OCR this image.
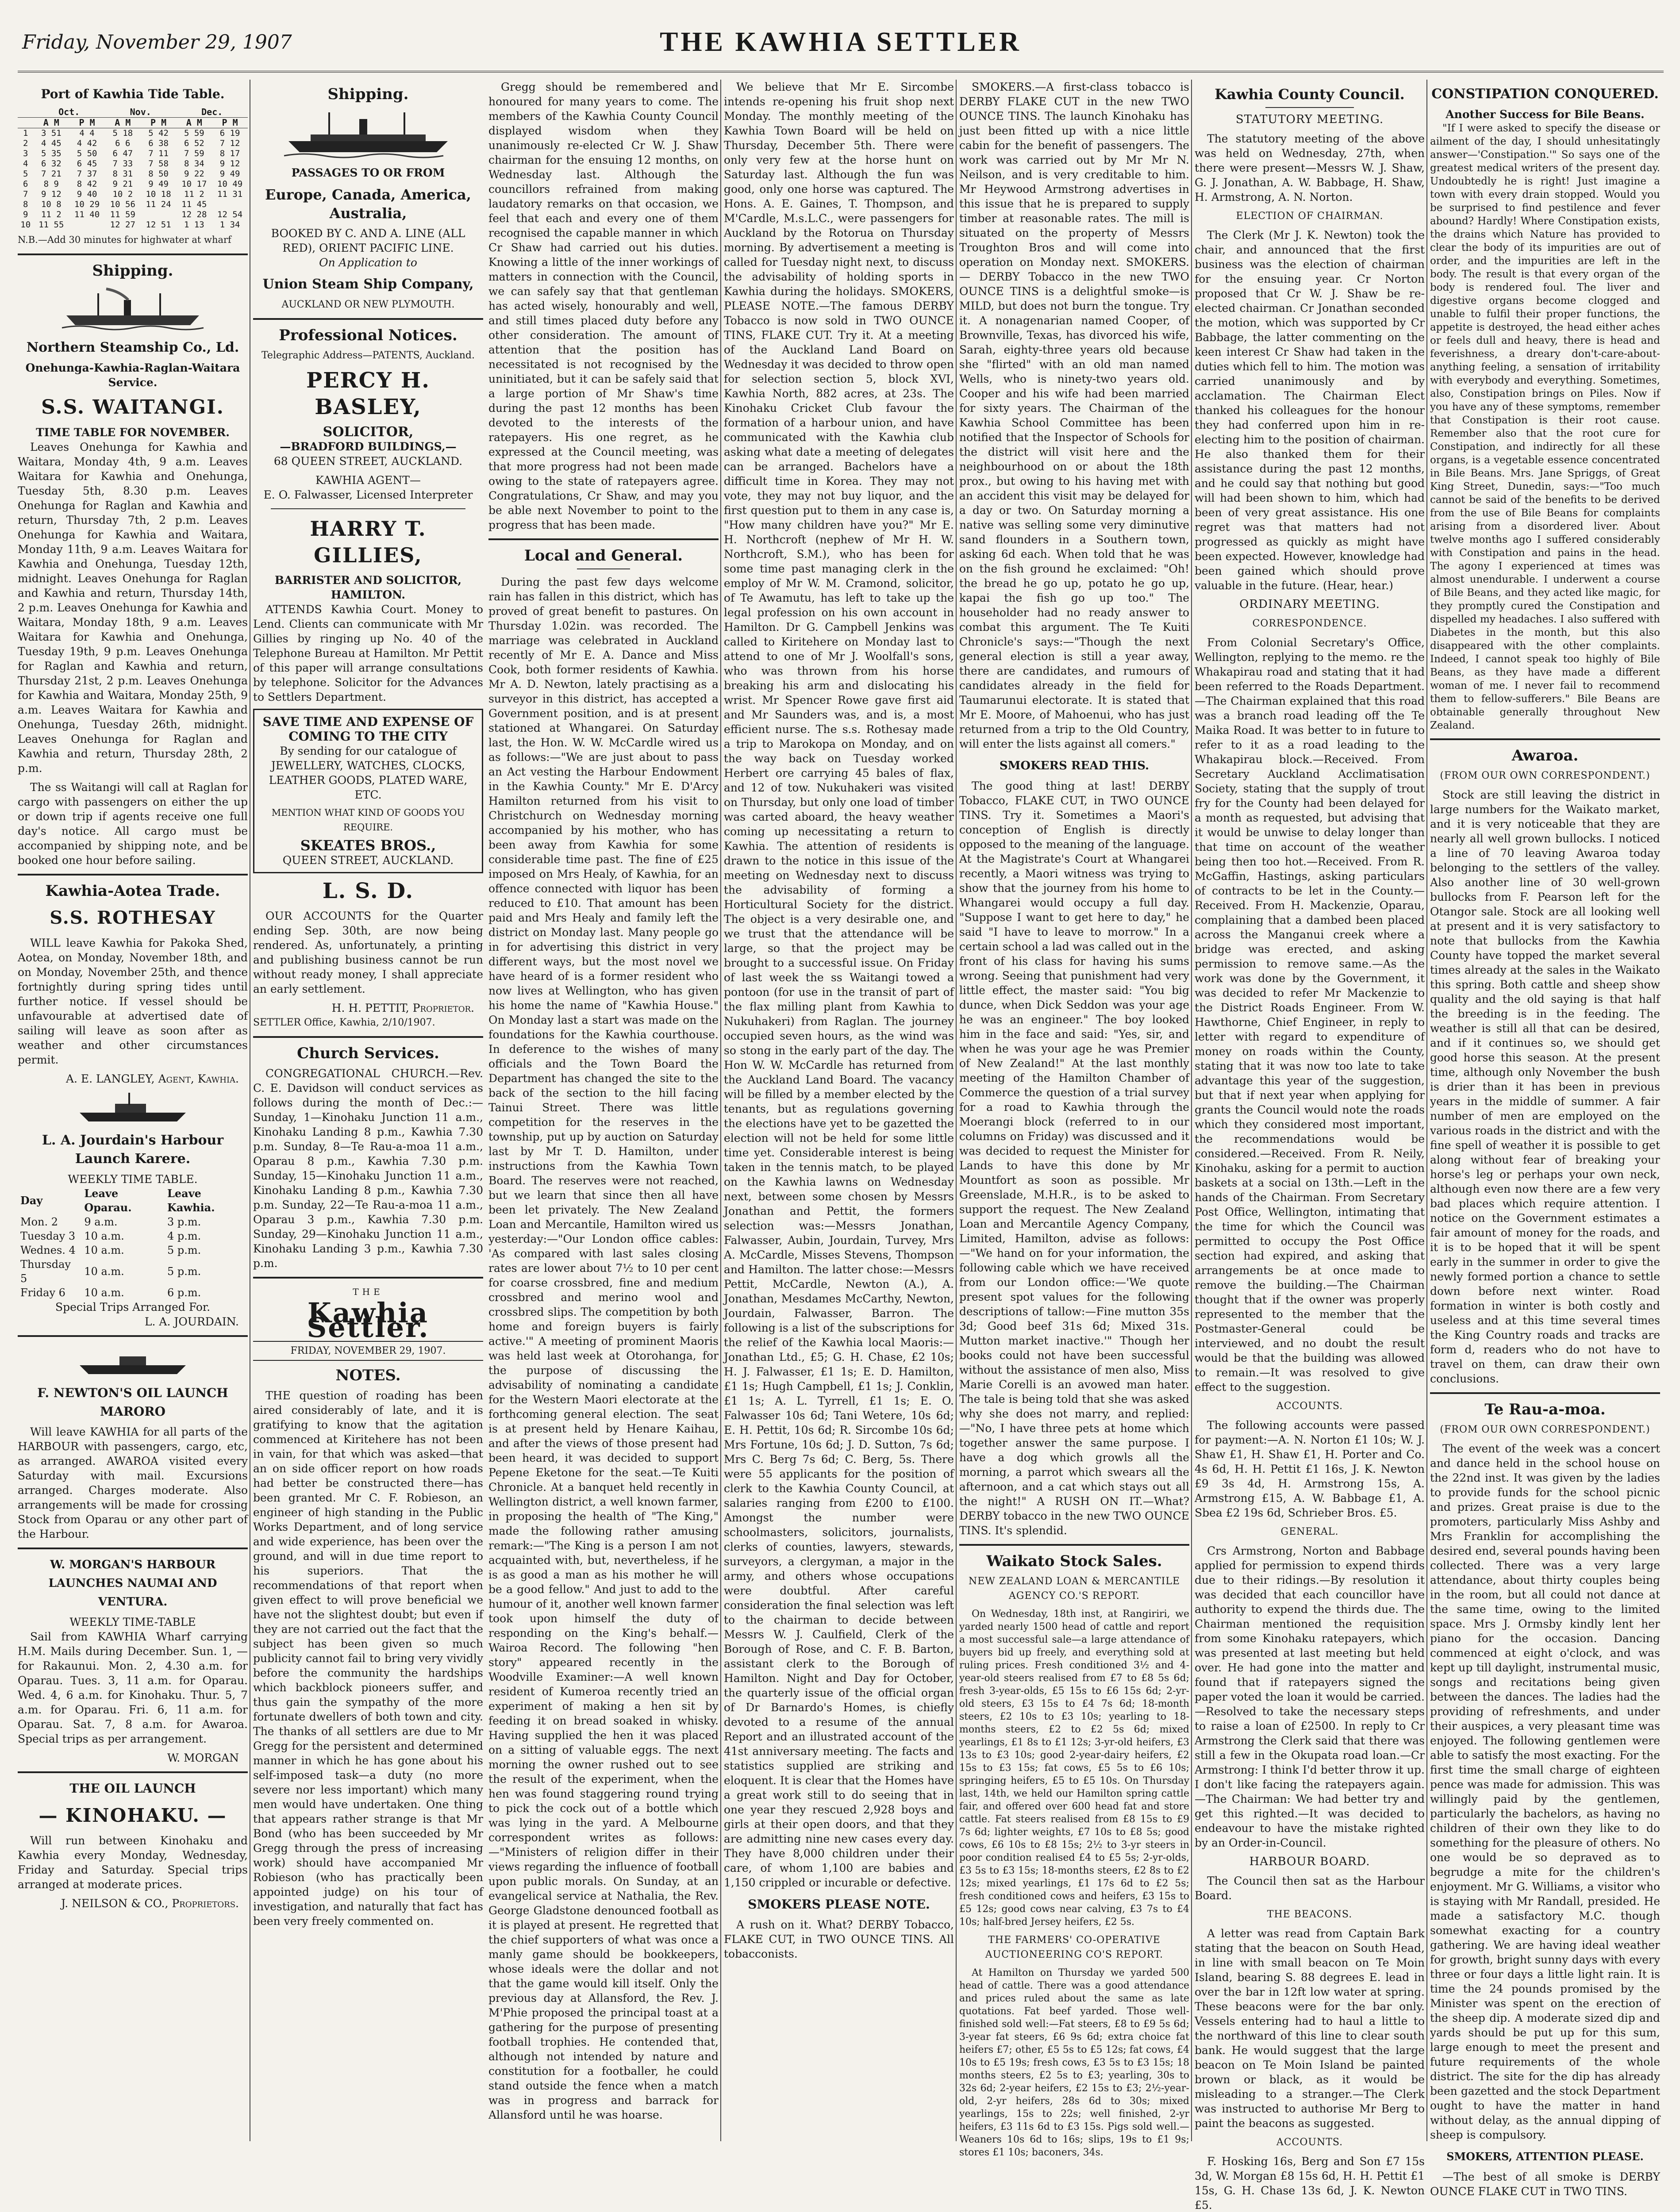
Friday, November 29, 1907	THE KAWHIA SETTLER
Port of Kawhia Tide Table.
	Oct.		Nov.		Dec.	
	A M	P M	A M	P M	A M	P M
1	3 51	4 4	5 18	5 42	5 59	6 19
2	4 45	4 42	6 6	6 38	6 52	7 12
3	5 35	5 50	6 47	7 11	7 59	8 17
4	6 32	6 45	7 33	7 58	8 34	9 12
5	7 21	7 37	8 31	8 50	9 22	9 49
6	8 9	8 42	9 21	9 49	10 17	10 49
7	9 12	9 40	10 2	10 18	11 2	11 31
8	10 8	10 29	10 56	11 24	11 45	
9	11 2	11 40	11 59		12 28	12 54
10	11 55		12 27	12 51	1 13	1 34
N.B.—Add 30 minutes for highwater at wharf
Shipping.
Northern Steamship Co., Ld.
Onehunga-Kawhia-Raglan-Waitara Service.
S.S. WAITANGI.
TIME TABLE FOR NOVEMBER.

Leaves Onehunga for Kawhia and Waitara, Monday 4th, 9 a.m. Leaves Waitara for Kawhia and Onehunga, Tuesday 5th, 8.30 p.m. Leaves Onehunga for Raglan and Kawhia and return, Thursday 7th, 2 p.m. Leaves Onehunga for Kawhia and Waitara, Monday 11th, 9 a.m. Leaves Waitara for Kawhia and Onehunga, Tuesday 12th, midnight. Leaves Onehunga for Raglan and Kawhia and return, Thursday 14th, 2 p.m. Leaves Onehunga for Kawhia and Waitara, Monday 18th, 9 a.m. Leaves Waitara for Kawhia and Onehunga, Tuesday 19th, 9 p.m. Leaves Onehunga for Raglan and Kawhia and return, Thursday 21st, 2 p.m. Leaves Onehunga for Kawhia and Waitara, Monday 25th, 9 a.m. Leaves Waitara for Kawhia and Onehunga, Tuesday 26th, midnight. Leaves Onehunga for Raglan and Kawhia and return, Thursday 28th, 2 p.m.

The ss Waitangi will call at Raglan for cargo with passengers on either the up or down trip if agents receive one full day's notice. All cargo must be accompanied by shipping note, and be booked one hour before sailing.

Kawhia-Aotea Trade.
S.S. ROTHESAY

WILL leave Kawhia for Pakoka Shed, Aotea, on Monday, November 18th, and on Monday, November 25th, and thence fortnightly during spring tides until further notice. If vessel should be unfavourable at advertised date of sailing will leave as soon after as weather and other circumstances permit.

A. E. LANGLEY, Agent, Kawhia.
L. A. Jourdain's Harbour Launch Karere.
WEEKLY TIME TABLE.
Day	Leave Oparau.	Leave Kawhia.
Mon. 2	9 a.m.	3 p.m.
Tuesday 3	10 a.m.	4 p.m.
Wednes. 4	10 a.m.	5 p.m.
Thursday 5	10 a.m.	5 p.m.
Friday 6	10 a.m.	6 p.m.
Special Trips Arranged For.
L. A. JOURDAIN.
F. NEWTON'S OIL LAUNCH MARORO

Will leave KAWHIA for all parts of the HARBOUR with passengers, cargo, etc, as arranged. AWAROA visited every Saturday with mail. Excursions arranged. Charges moderate. Also arrangements will be made for crossing Stock from Oparau or any other part of the Harbour.

W. MORGAN'S HARBOUR LAUNCHES NAUMAI AND VENTURA.
WEEKLY TIME-TABLE

Sail from KAWHIA Wharf carrying H.M. Mails during December. Sun. 1, — for Rakaunui. Mon. 2, 4.30 a.m. for Oparau. Tues. 3, 11 a.m. for Oparau. Wed. 4, 6 a.m. for Kinohaku. Thur. 5, 7 a.m. for Oparau. Fri. 6, 11 a.m. for Oparau. Sat. 7, 8 a.m. for Awaroa. Special trips as per arrangement.

W. MORGAN
THE OIL LAUNCH
— KINOHAKU. —

Will run between Kinohaku and Kawhia every Monday, Wednesday, Friday and Saturday. Special trips arranged at moderate prices.

J. NEILSON & CO., Proprietors.
Shipping.
PASSAGES TO OR FROM
Europe, Canada, America, Australia,
BOOKED BY C. AND A. LINE (ALL RED), ORIENT PACIFIC LINE.
On Application to
Union Steam Ship Company,
AUCKLAND OR NEW PLYMOUTH.
Professional Notices.
Telegraphic Address—PATENTS, Auckland.
PERCY H. BASLEY,
SOLICITOR,
—BRADFORD BUILDINGS,—
68 QUEEN STREET, AUCKLAND.
KAWHIA AGENT—
E. O. Falwasser, Licensed Interpreter
HARRY T. GILLIES,
BARRISTER AND SOLICITOR, HAMILTON.

ATTENDS Kawhia Court. Money to Lend. Clients can communicate with Mr Gillies by ringing up No. 40 of the Telephone Bureau at Hamilton. Mr Pettit of this paper will arrange consultations by telephone. Solicitor for the Advances to Settlers Department.

SAVE TIME AND EXPENSE OF COMING TO THE CITY
By sending for our catalogue of JEWELLERY, WATCHES, CLOCKS, LEATHER GOODS, PLATED WARE, ETC.
MENTION WHAT KIND OF GOODS YOU REQUIRE.
SKEATES BROS.,
QUEEN STREET, AUCKLAND.
L. S. D.

OUR ACCOUNTS for the Quarter ending Sep. 30th, are now being rendered. As, unfortunately, a printing and publishing business cannot be run without ready money, I shall appreciate an early settlement.

H. H. PETTIT, Proprietor.
SETTLER Office, Kawhia, 2/10/1907.
Church Services.

CONGREGATIONAL CHURCH.—Rev. C. E. Davidson will conduct services as follows during the month of Dec.:— Sunday, 1—Kinohaku Junction 11 a.m., Kinohaku Landing 8 p.m., Kawhia 7.30 p.m. Sunday, 8—Te Rau-a-moa 11 a.m., Oparau 8 p.m., Kawhia 7.30 p.m. Sunday, 15—Kinohaku Junction 11 a.m., Kinohaku Landing 8 p.m., Kawhia 7.30 p.m. Sunday, 22—Te Rau-a-moa 11 a.m., Oparau 3 p.m., Kawhia 7.30 p.m. Sunday, 29—Kinohaku Junction 11 a.m., Kinohaku Landing 3 p.m., Kawhia 7.30 p.m.

THE
Kawhia Settler.
FRIDAY, NOVEMBER 29, 1907.
NOTES.

THE question of roading has been aired considerably of late, and it is gratifying to know that the agitation commenced at Kiritehere has not been in vain, for that which was asked—that an on side officer report on how roads had better be constructed there—has been granted. Mr C. F. Robieson, an engineer of high standing in the Public Works Department, and of long service and wide experience, has been over the ground, and will in due time report to his superiors. That the recommendations of that report when given effect to will prove beneficial we have not the slightest doubt; but even if they are not carried out the fact that the subject has been given so much publicity cannot fail to bring very vividly before the community the hardships which backblock pioneers suffer, and thus gain the sympathy of the more fortunate dwellers of both town and city. The thanks of all settlers are due to Mr Gregg for the persistent and determined manner in which he has gone about his self-imposed task—a duty (no more severe nor less important) which many men would have undertaken. One thing that appears rather strange is that Mr Bond (who has been succeeded by Mr Gregg through the press of increasing work) should have accompanied Mr Robieson (who has practically been appointed judge) on his tour of investigation, and naturally that fact has been very freely commented on.

Gregg should be remembered and honoured for many years to come. The members of the Kawhia County Council displayed wisdom when they unanimously re-elected Cr W. J. Shaw chairman for the ensuing 12 months, on Wednesday last. Although the councillors refrained from making laudatory remarks on that occasion, we feel that each and every one of them recognised the capable manner in which Cr Shaw had carried out his duties. Knowing a little of the inner workings of matters in connection with the Council, we can safely say that that gentleman has acted wisely, honourably and well, and still times placed duty before any other consideration. The amount of attention that the position has necessitated is not recognised by the uninitiated, but it can be safely said that a large portion of Mr Shaw's time during the past 12 months has been devoted to the interests of the ratepayers. His one regret, as he expressed at the Council meeting, was that more progress had not been made owing to the state of ratepayers agree. Congratulations, Cr Shaw, and may you be able next November to point to the progress that has been made.

Local and General.

During the past few days welcome rain has fallen in this district, which has proved of great benefit to pastures. On Thursday 1.02in. was recorded. The marriage was celebrated in Auckland recently of Mr E. A. Dance and Miss Cook, both former residents of Kawhia. Mr A. D. Newton, lately practising as a surveyor in this district, has accepted a Government position, and is at present stationed at Whangarei. On Saturday last, the Hon. W. W. McCardle wired us as follows:—"We are just about to pass an Act vesting the Harbour Endowment in the Kawhia County." Mr E. D'Arcy Hamilton returned from his visit to Christchurch on Wednesday morning accompanied by his mother, who has been away from Kawhia for some considerable time past. The fine of £25 imposed on Mrs Healy, of Kawhia, for an offence connected with liquor has been reduced to £10. That amount has been paid and Mrs Healy and family left the district on Monday last. Many people go in for advertising this district in very different ways, but the most novel we have heard of is a former resident who now lives at Wellington, who has given his home the name of "Kawhia House." On Monday last a start was made on the foundations for the Kawhia courthouse. In deference to the wishes of many officials and the Town Board the Department has changed the site to the back of the section to the hill facing Tainui Street. There was little competition for the reserves in the township, put up by auction on Saturday last by Mr T. D. Hamilton, under instructions from the Kawhia Town Board. The reserves were not reached, but we learn that since then all have been let privately. The New Zealand Loan and Mercantile, Hamilton wired us yesterday:—"Our London office cables: 'As compared with last sales closing rates are lower about 7½ to 10 per cent for coarse crossbred, fine and medium crossbred and merino wool and crossbred slips. The competition by both home and foreign buyers is fairly active.'" A meeting of prominent Maoris was held last week at Otorohanga, for the purpose of discussing the advisability of nominating a candidate for the Western Maori electorate at the forthcoming general election. The seat is at present held by Henare Kaihau, and after the views of those present had been heard, it was decided to support Pepene Eketone for the seat.—Te Kuiti Chronicle. At a banquet held recently in Wellington district, a well known farmer, in proposing the health of "The King," made the following rather amusing remark:—"The King is a person I am not acquainted with, but, nevertheless, if he is as good a man as his mother he will be a good fellow." And just to add to the humour of it, another well known farmer took upon himself the duty of responding on the King's behalf.—Wairoa Record. The following "hen story" appeared recently in the Woodville Examiner:—A well known resident of Kumeroa recently tried an experiment of making a hen sit by feeding it on bread soaked in whisky. Having supplied the hen it was placed on a sitting of valuable eggs. The next morning the owner rushed out to see the result of the experiment, when the hen was found staggering round trying to pick the cock out of a bottle which was lying in the yard. A Melbourne correspondent writes as follows:—"Ministers of religion differ in their views regarding the influence of football upon public morals. On Sunday, at an evangelical service at Nathalia, the Rev. George Gladstone denounced football as it is played at present. He regretted that the chief supporters of what was once a manly game should be bookkeepers, whose ideals were the dollar and not that the game would kill itself. Only the previous day at Allansford, the Rev. J. M'Phie proposed the principal toast at a gathering for the purpose of presenting football trophies. He contended that, although not intended by nature and constitution for a footballer, he could stand outside the fence when a match was in progress and barrack for Allansford until he was hoarse.

We believe that Mr E. Sircombe intends re-opening his fruit shop next Monday. The monthly meeting of the Kawhia Town Board will be held on Thursday, December 5th. There were only very few at the horse hunt on Saturday last. Although the fun was good, only one horse was captured. The Hons. A. E. Gaines, T. Thompson, and M'Cardle, M.s.L.C., were passengers for Auckland by the Rotorua on Thursday morning. By advertisement a meeting is called for Tuesday night next, to discuss the advisability of holding sports in Kawhia during the holidays. SMOKERS, PLEASE NOTE.—The famous DERBY Tobacco is now sold in TWO OUNCE TINS, FLAKE CUT. Try it. At a meeting of the Auckland Land Board on Wednesday it was decided to throw open for selection section 5, block XVI, Kawhia North, 882 acres, at 23s. The Kinohaku Cricket Club favour the formation of a harbour union, and have communicated with the Kawhia club asking what date a meeting of delegates can be arranged. Bachelors have a difficult time in Korea. They may not vote, they may not buy liquor, and the first question put to them in any case is, "How many children have you?" Mr E. H. Northcroft (nephew of Mr H. W. Northcroft, S.M.), who has been for some time past managing clerk in the employ of Mr W. M. Cramond, solicitor, of Te Awamutu, has left to take up the legal profession on his own account in Hamilton. Dr G. Campbell Jenkins was called to Kiritehere on Monday last to attend to one of Mr J. Woolfall's sons, who was thrown from his horse breaking his arm and dislocating his wrist. Mr Spencer Rowe gave first aid and Mr Saunders was, and is, a most efficient nurse. The s.s. Rothesay made a trip to Marokopa on Monday, and on the way back on Tuesday worked Herbert ore carrying 45 bales of flax, and 12 of tow. Nukuhakeri was visited on Thursday, but only one load of timber was carted aboard, the heavy weather coming up necessitating a return to Kawhia. The attention of residents is drawn to the notice in this issue of the meeting on Wednesday next to discuss the advisability of forming a Horticultural Society for the district. The object is a very desirable one, and we trust that the attendance will be large, so that the project may be brought to a successful issue. On Friday of last week the ss Waitangi towed a pontoon (for use in the transit of part of the flax milling plant from Kawhia to Nukuhakeri) from Raglan. The journey occupied seven hours, as the wind was so stong in the early part of the day. The Hon W. W. McCardle has returned from the Auckland Land Board. The vacancy will be filled by a member elected by the tenants, but as regulations governing the elections have yet to be gazetted the election will not be held for some little time yet. Considerable interest is being taken in the tennis match, to be played on the Kawhia lawns on Wednesday next, between some chosen by Messrs Jonathan and Pettit, the formers selection was:—Messrs Jonathan, Falwasser, Aubin, Jourdain, Turvey, Mrs A. McCardle, Misses Stevens, Thompson and Hamilton. The latter chose:—Messrs Pettit, McCardle, Newton (A.), A. Jonathan, Mesdames McCarthy, Newton, Jourdain, Falwasser, Barron. The following is a list of the subscriptions for the relief of the Kawhia local Maoris:—Jonathan Ltd., £5; G. H. Chase, £2 10s; H. J. Falwasser, £1 1s; E. D. Hamilton, £1 1s; Hugh Campbell, £1 1s; J. Conklin, £1 1s; A. L. Tyrrell, £1 1s; E. O. Falwasser 10s 6d; Tani Wetere, 10s 6d; E. H. Pettit, 10s 6d; R. Sircombe 10s 6d; Mrs Fortune, 10s 6d; J. D. Sutton, 7s 6d; Mrs C. Berg 7s 6d; C. Berg, 5s. There were 55 applicants for the position of clerk to the Kawhia County Council, at salaries ranging from £200 to £100. Amongst the number were schoolmasters, solicitors, journalists, clerks of counties, lawyers, stewards, surveyors, a clergyman, a major in the army, and others whose occupations were doubtful. After careful consideration the final selection was left to the chairman to decide between Messrs W. J. Caulfield, Clerk of the Borough of Rose, and C. F. B. Barton, assistant clerk to the Borough of Hamilton. Night and Day for October, the quarterly issue of the official organ of Dr Barnardo's Homes, is chiefly devoted to a resume of the annual Report and an illustrated account of the 41st anniversary meeting. The facts and statistics supplied are striking and eloquent. It is clear that the Homes have a great work still to do seeing that in one year they rescued 2,928 boys and girls at their open doors, and that they are admitting nine new cases every day. They have 8,000 children under their care, of whom 1,100 are babies and 1,150 crippled or incurable or defective.

SMOKERS PLEASE NOTE.

A rush on it. What? DERBY Tobacco, FLAKE CUT, in TWO OUNCE TINS. All tobacconists.

SMOKERS.—A first-class tobacco is DERBY FLAKE CUT in the new TWO OUNCE TINS. The launch Kinohaku has just been fitted up with a nice little cabin for the benefit of passengers. The work was carried out by Mr Mr N. Neilson, and is very creditable to him. Mr Heywood Armstrong advertises in this issue that he is prepared to supply timber at reasonable rates. The mill is situated on the property of Messrs Troughton Bros and will come into operation on Monday next. SMOKERS. — DERBY Tobacco in the new TWO OUNCE TINS is a delightful smoke—is MILD, but does not burn the tongue. Try it. A nonagenarian named Cooper, of Brownville, Texas, has divorced his wife, Sarah, eighty-three years old because she "flirted" with an old man named Wells, who is ninety-two years old. Cooper and his wife had been married for sixty years. The Chairman of the Kawhia School Committee has been notified that the Inspector of Schools for the district will visit here and the neighbourhood on or about the 18th prox., but owing to his having met with an accident this visit may be delayed for a day or two. On Saturday morning a native was selling some very diminutive sand flounders in a Southern town, asking 6d each. When told that he was on the fish ground he exclaimed: "Oh! the bread he go up, potato he go up, kapai the fish go up too." The householder had no ready answer to combat this argument. The Te Kuiti Chronicle's says:—"Though the next general election is still a year away, there are candidates, and rumours of candidates already in the field for Taumarunui electorate. It is stated that Mr E. Moore, of Mahoenui, who has just returned from a trip to the Old Country, will enter the lists against all comers."

SMOKERS READ THIS.

The good thing at last! DERBY Tobacco, FLAKE CUT, in TWO OUNCE TINS. Try it. Sometimes a Maori's conception of English is directly opposed to the meaning of the language. At the Magistrate's Court at Whangarei recently, a Maori witness was trying to show that the journey from his home to Whangarei would occupy a full day. "Suppose I want to get here to day," he said "I have to leave to morrow." In a certain school a lad was called out in the front of his class for having his sums wrong. Seeing that punishment had very little effect, the master said: "You big dunce, when Dick Seddon was your age he was an engineer." The boy looked him in the face and said: "Yes, sir, and when he was your age he was Premier of New Zealand!" At the last monthly meeting of the Hamilton Chamber of Commerce the question of a trial survey for a road to Kawhia through the Moerangi block (referred to in our columns on Friday) was discussed and it was decided to request the Minister for Lands to have this done by Mr Mountfort as soon as possible. Mr Greenslade, M.H.R., is to be asked to support the request. The New Zealand Loan and Mercantile Agency Company, Limited, Hamilton, advise as follows:—"We hand on for your information, the following cable which we have received from our London office:—'We quote present spot values for the following descriptions of tallow:—Fine mutton 35s 3d; Good beef 31s 6d; Mixed 31s. Mutton market inactive.'" Though her books could not have been successful without the assistance of men also, Miss Marie Corelli is an avowed man hater. The tale is being told that she was asked why she does not marry, and replied:—"No, I have three pets at home which together answer the same purpose. I have a dog which growls all the morning, a parrot which swears all the afternoon, and a cat which stays out all the night!" A RUSH ON IT.—What? DERBY tobacco in the new TWO OUNCE TINS. It's splendid.

Waikato Stock Sales.
NEW ZEALAND LOAN & MERCANTILE AGENCY CO.'S REPORT.

On Wednesday, 18th inst, at Rangiriri, we yarded nearly 1500 head of cattle and report a most successful sale—a large attendance of buyers bid up freely, and everything sold at ruling prices. Fresh conditioned 3½ and 4-year-old steers realised from £7 to £8 5s 6d; fresh 3-year-olds, £5 15s to £6 15s 6d; 2-yr-old steers, £3 15s to £4 7s 6d; 18-month steers, £2 10s to £3 10s; yearling to 18-months steers, £2 to £2 5s 6d; mixed yearlings, £1 8s to £1 12s; 3-yr-old heifers, £3 13s to £3 10s; good 2-year-dairy heifers, £2 15s to £3 15s; fat cows, £5 5s to £6 10s; springing heifers, £5 to £5 10s. On Thursday last, 14th, we held our Hamilton spring cattle fair, and offered over 600 head fat and store cattle. Fat steers realised from £8 15s to £9 7s 6d; lighter weights, £7 10s to £8 5s; good cows, £6 10s to £8 15s; 2½ to 3-yr steers in poor condition realised £4 to £5 5s; 2-yr-olds, £3 5s to £3 15s; 18-months steers, £2 8s to £2 12s; mixed yearlings, £1 17s 6d to £2 5s; fresh conditioned cows and heifers, £3 15s to £5 12s; good cows near calving, £3 7s to £4 10s; half-bred Jersey heifers, £2 5s.

THE FARMERS' CO-OPERATIVE AUCTIONEERING CO'S REPORT.

At Hamilton on Thursday we yarded 500 head of cattle. There was a good attendance and prices ruled about the same as late quotations. Fat beef yarded. Those well-finished sold well:—Fat steers, £8 to £9 5s 6d; 3-year fat steers, £6 9s 6d; extra choice fat heifers £7; other, £5 5s to £5 12s; fat cows, £4 10s to £5 19s; fresh cows, £3 5s to £3 15s; 18 months steers, £2 5s to £3; yearling, 30s to 32s 6d; 2-year heifers, £2 15s to £3; 2½-year-old, 2-yr heifers, 28s 6d to 30s; mixed yearlings, 15s to 22s; well finished, 2-yr heifers, £3 11s 6d to £3 15s. Pigs sold well.—Weaners 10s 6d to 16s; slips, 19s to £1 9s; stores £1 10s; baconers, 34s.

Kawhia County Council.
STATUTORY MEETING.

The statutory meeting of the above was held on Wednesday, 27th, when there were present—Messrs W. J. Shaw, G. J. Jonathan, A. W. Babbage, H. Shaw, H. Armstrong, A. N. Norton.

ELECTION OF CHAIRMAN.

The Clerk (Mr J. K. Newton) took the chair, and announced that the first business was the election of chairman for the ensuing year. Cr Norton proposed that Cr W. J. Shaw be re-elected chairman. Cr Jonathan seconded the motion, which was supported by Cr Babbage, the latter commenting on the keen interest Cr Shaw had taken in the duties which fell to him. The motion was carried unanimously and by acclamation. The Chairman Elect thanked his colleagues for the honour they had conferred upon him in re-electing him to the position of chairman. He also thanked them for their assistance during the past 12 months, and he could say that nothing but good will had been shown to him, which had been of very great assistance. His one regret was that matters had not progressed as quickly as might have been expected. However, knowledge had been gained which should prove valuable in the future. (Hear, hear.)

ORDINARY MEETING.
CORRESPONDENCE.

From Colonial Secretary's Office, Wellington, replying to the memo. re the Whakapirau road and stating that it had been referred to the Roads Department.—The Chairman explained that this road was a branch road leading off the Te Maika Road. It was better to in future to refer to it as a road leading to the Whakapirau block.—Received. From Secretary Auckland Acclimatisation Society, stating that the supply of trout fry for the County had been delayed for a month as requested, but advising that it would be unwise to delay longer than that time on account of the weather being then too hot.—Received. From R. McGaffin, Hastings, asking particulars of contracts to be let in the County.—Received. From H. Mackenzie, Oparau, complaining that a dambed been placed across the Manganui creek where a bridge was erected, and asking permission to remove same.—As the work was done by the Government, it was decided to refer Mr Mackenzie to the District Roads Engineer. From W. Hawthorne, Chief Engineer, in reply to letter with regard to expenditure of money on roads within the County, stating that it was now too late to take advantage this year of the suggestion, but that if next year when applying for grants the Council would note the roads which they considered most important, the recommendations would be considered.—Received. From R. Neily, Kinohaku, asking for a permit to auction baskets at a social on 13th.—Left in the hands of the Chairman. From Secretary Post Office, Wellington, intimating that the time for which the Council was permitted to occupy the Post Office section had expired, and asking that arrangements be at once made to remove the building.—The Chairman thought that if the owner was properly represented to the member that the Postmaster-General could be interviewed, and no doubt the result would be that the building was allowed to remain.—It was resolved to give effect to the suggestion.

ACCOUNTS.

The following accounts were passed for payment:—A. N. Norton £1 10s; W. J. Shaw £1, H. Shaw £1, H. Porter and Co. 4s 6d, H. H. Pettit £1 16s, J. K. Newton £9 3s 4d, H. Armstrong 15s, A. Armstrong £15, A. W. Babbage £1, A. Sbea £2 19s 6d, Schrieber Bros. £5.

GENERAL.

Crs Armstrong, Norton and Babbage applied for permission to expend thirds due to their ridings.—By resolution it was decided that each councillor have authority to expend the thirds due. The Chairman mentioned the requisition from some Kinohaku ratepayers, which was presented at last meeting but held over. He had gone into the matter and found that if ratepayers signed the paper voted the loan it would be carried.—Resolved to take the necessary steps to raise a loan of £2500. In reply to Cr Armstrong the Clerk said that there was still a few in the Okupata road loan.—Cr Armstrong: I think I'd better throw it up. I don't like facing the ratepayers again.—The Chairman: We had better try and get this righted.—It was decided to endeavour to have the mistake righted by an Order-in-Council.

HARBOUR BOARD.

The Council then sat as the Harbour Board.

THE BEACONS.

A letter was read from Captain Bark stating that the beacon on South Head, in line with small beacon on Te Moin Island, bearing S. 88 degrees E. lead in over the bar in 12ft low water at spring. These beacons were for the bar only. Vessels entering had to haul a little to the northward of this line to clear south bank. He would suggest that the large beacon on Te Moin Island be painted brown or black, as it would be misleading to a stranger.—The Clerk was instructed to authorise Mr Berg to paint the beacons as suggested.

ACCOUNTS.

F. Hosking 16s, Berg and Son £7 15s 3d, W. Morgan £8 15s 6d, H. H. Pettit £1 15s, G. H. Chase 13s 6d, J. K. Newton £5.

CONSTIPATION CONQUERED.
Another Success for Bile Beans.

"If I were asked to specify the disease or ailment of the day, I should unhesitatingly answer—'Constipation.'" So says one of the greatest medical writers of the present day. Undoubtedly he is right! Just imagine a town with every drain stopped. Would you be surprised to find pestilence and fever abound? Hardly! Where Constipation exists, the drains which Nature has provided to clear the body of its impurities are out of order, and the impurities are left in the body. The result is that every organ of the body is rendered foul. The liver and digestive organs become clogged and unable to fulfil their proper functions, the appetite is destroyed, the head either aches or feels dull and heavy, there is head and feverishness, a dreary don't-care-about-anything feeling, a sensation of irritability with everybody and everything. Sometimes, also, Constipation brings on Piles. Now if you have any of these symptoms, remember that Constipation is their root cause. Remember also that the root cure for Constipation, and indirectly for all these organs, is a vegetable essence concentrated in Bile Beans. Mrs. Jane Spriggs, of Great King Street, Dunedin, says:—"Too much cannot be said of the benefits to be derived from the use of Bile Beans for complaints arising from a disordered liver. About twelve months ago I suffered considerably with Constipation and pains in the head. The agony I experienced at times was almost unendurable. I underwent a course of Bile Beans, and they acted like magic, for they promptly cured the Constipation and dispelled my headaches. I also suffered with Diabetes in the month, but this also disappeared with the other complaints. Indeed, I cannot speak too highly of Bile Beans, as they have made a different woman of me. I never fail to recommend them to fellow-sufferers." Bile Beans are obtainable generally throughout New Zealand.

Awaroa.
(FROM OUR OWN CORRESPONDENT.)

Stock are still leaving the district in large numbers for the Waikato market, and it is very noticeable that they are nearly all well grown bullocks. I noticed a line of 70 leaving Awaroa today belonging to the settlers of the valley. Also another line of 30 well-grown bullocks from F. Pearson left for the Otangor sale. Stock are all looking well at present and it is very satisfactory to note that bullocks from the Kawhia County have topped the market several times already at the sales in the Waikato this spring. Both cattle and sheep show quality and the old saying is that half the breeding is in the feeding. The weather is still all that can be desired, and if it continues so, we should get good horse this season. At the present time, although only November the bush is drier than it has been in previous years in the middle of summer. A fair number of men are employed on the various roads in the district and with the fine spell of weather it is possible to get along without fear of breaking your horse's leg or perhaps your own neck, although even now there are a few very bad places which require attention. I notice on the Government estimates a fair amount of money for the roads, and it is to be hoped that it will be spent early in the summer in order to give the newly formed portion a chance to settle down before next winter. Road formation in winter is both costly and useless and at this time several times the King Country roads and tracks are form d, readers who do not have to travel on them, can draw their own conclusions.

Te Rau-a-moa.
(FROM OUR OWN CORRESPONDENT.)

The event of the week was a concert and dance held in the school house on the 22nd inst. It was given by the ladies to provide funds for the school picnic and prizes. Great praise is due to the promoters, particularly Miss Ashby and Mrs Franklin for accomplishing the desired end, several pounds having been collected. There was a very large attendance, about thirty couples being in the room, but all could not dance at the same time, owing to the limited space. Mrs J. Ormsby kindly lent her piano for the occasion. Dancing commenced at eight o'clock, and was kept up till daylight, instrumental music, songs and recitations being given between the dances. The ladies had the providing of refreshments, and under their auspices, a very pleasant time was enjoyed. The following gentlemen were able to satisfy the most exacting. For the first time the small charge of eighteen pence was made for admission. This was willingly paid by the gentlemen, particularly the bachelors, as having no children of their own they like to do something for the pleasure of others. No one would be so depraved as to begrudge a mite for the children's enjoyment. Mr G. Williams, a visitor who is staying with Mr Randall, presided. He made a satisfactory M.C. though somewhat exacting for a country gathering. We are having ideal weather for growth, bright sunny days with every three or four days a little light rain. It is time the 24 pounds promised by the Minister was spent on the erection of the sheep dip. A moderate sized dip and yards should be put up for this sum, large enough to meet the present and future requirements of the whole district. The site for the dip has already been gazetted and the stock Department ought to have the matter in hand without delay, as the annual dipping of sheep is compulsory.

SMOKERS, ATTENTION PLEASE.

—The best of all smoke is DERBY OUNCE FLAKE CUT in TWO TINS.
